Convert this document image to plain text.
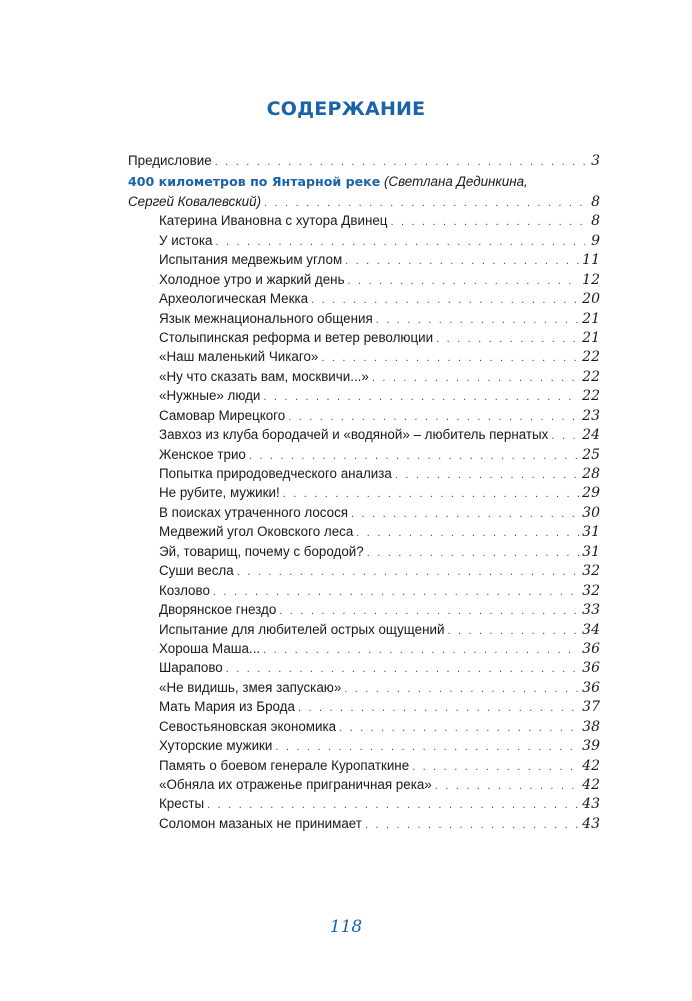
СОДЕРЖАНИЕ
Предисловие . . .	3
400 километров по Янтарной реке (Светлана Дединкина,
Сергей Ковалевский) . . .	8
Катерина Ивановна с хутора Двинец . . .	8
У истока . . .	9
Испытания медвежьим углом . . .	11
Холодное утро и жаркий день . . .	12
Археологическая Мекка . . .	20
Язык межнационального общения . . .	21
Столыпинская реформа и ветер революции . . .	21
«Наш маленький Чикаго» . . .	22
«Ну что сказать вам, москвичи...» . . .	22
«Нужные» люди . . .	22
Самовар Мирецкого . . .	23
Завхоз из клуба бородачей и «водяной» – любитель пернатых . . . 24
Женское трио . . .	25
Попытка природоведческого анализа . . .	28
Не рубите, мужики! . . .	29
В поисках утраченного лосося . . .	30
Медвежий угол Оковского леса . . .	31
Эй, товарищ, почему с бородой? . . .	31
Суши весла . . .	32
Козлово . . .	32
Дворянское гнездо . . .	33
Испытание для любителей острых ощущений . . .	34
Хороша Маша... . . .	36
Шарапово . . .	36
«Не видишь, змея запускаю» . . .	36
Мать Мария из Брода . . .	37
Севостьяновская экономика . . .	38
Хуторские мужики . . .	39
Память о боевом генерале Куропаткине . . .	42
«Обняла их отраженье приграничная река» . . .	42
Кресты . . .	43
Соломон мазаных не принимает . . .	43
118
